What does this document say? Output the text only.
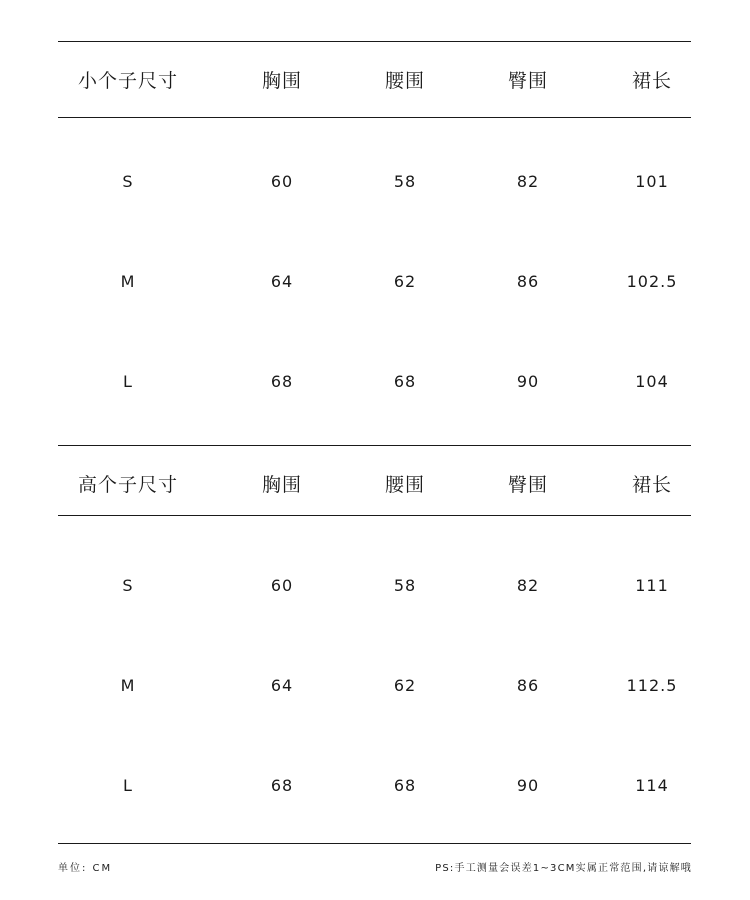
小个子尺寸	胸围	腰围	臀围	裙长
S	60	58	82	101
M	64	62	86	102.5
L	68	68	90	104
高个子尺寸	胸围	腰围	臀围	裙长
S	60	58	82	111
M	64	62	86	112.5
L	68	68	90	114
单位: CM	PS:手工测量会误差1~3CM实属正常范围,请谅解哦
